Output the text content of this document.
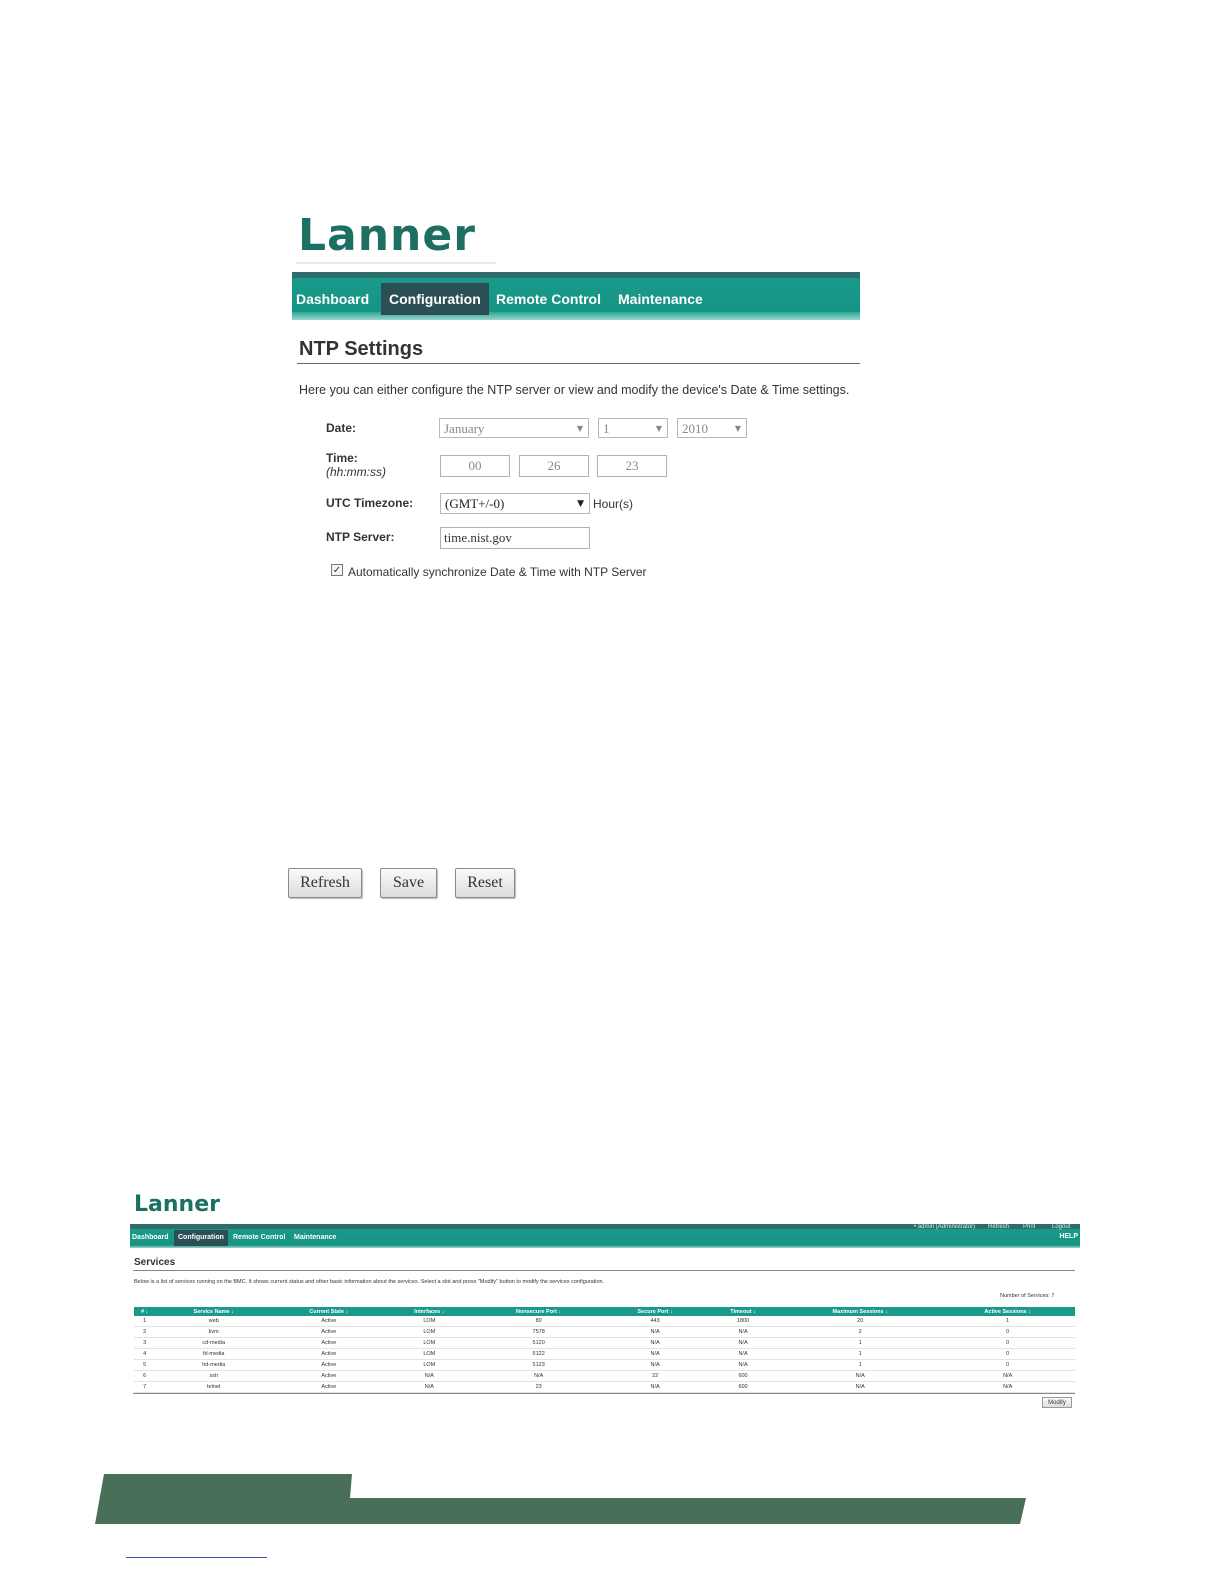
Lanner
Dashboard	Configuration	Remote Control Maintenance
NTP Settings
Here you can either configure the NTP server or view and modify the device's Date & Time settings.
Date:	January	▼	1	▼	2010	▼
Time:
(hh:mm:ss)	00	26	23
UTC Timezone:	(GMT+/-0)	▼ Hour(s)
NTP Server:	time.nist.gov
✓ Automatically synchronize Date & Time with NTP Server
Refresh	Save	Reset
Lanner
Dashboard	Configuration	Remote Control Maintenance
• admin (Administrator) Refresh Print	Logout
HELP
Services
Below is a list of services running on the BMC. It shows current status and other basic information about the services. Select a slot and press "Modify" button to modify the services configuration.
Number of Services: 7
# ↓	Service Name ↓	Current State ↓	Interfaces ↓	Nonsecure Port ↓	Secure Port ↓	Timeout ↓	Maximum Sessions ↓	Active Sessions ↓
1	web	Active	LOM	80	443	1800	20	1
2	kvm	Active	LOM	7578	N/A	N/A	2	0
3	cd-media	Active	LOM	5120	N/A	N/A	1	0
4	fd-media	Active	LOM	5122	N/A	N/A	1	0
5	hd-media	Active	LOM	5123	N/A	N/A	1	0
6	ssh	Active	N/A	N/A	22	600	N/A	N/A
7	telnet	Active	N/A	23	N/A	600	N/A	N/A
Modify
